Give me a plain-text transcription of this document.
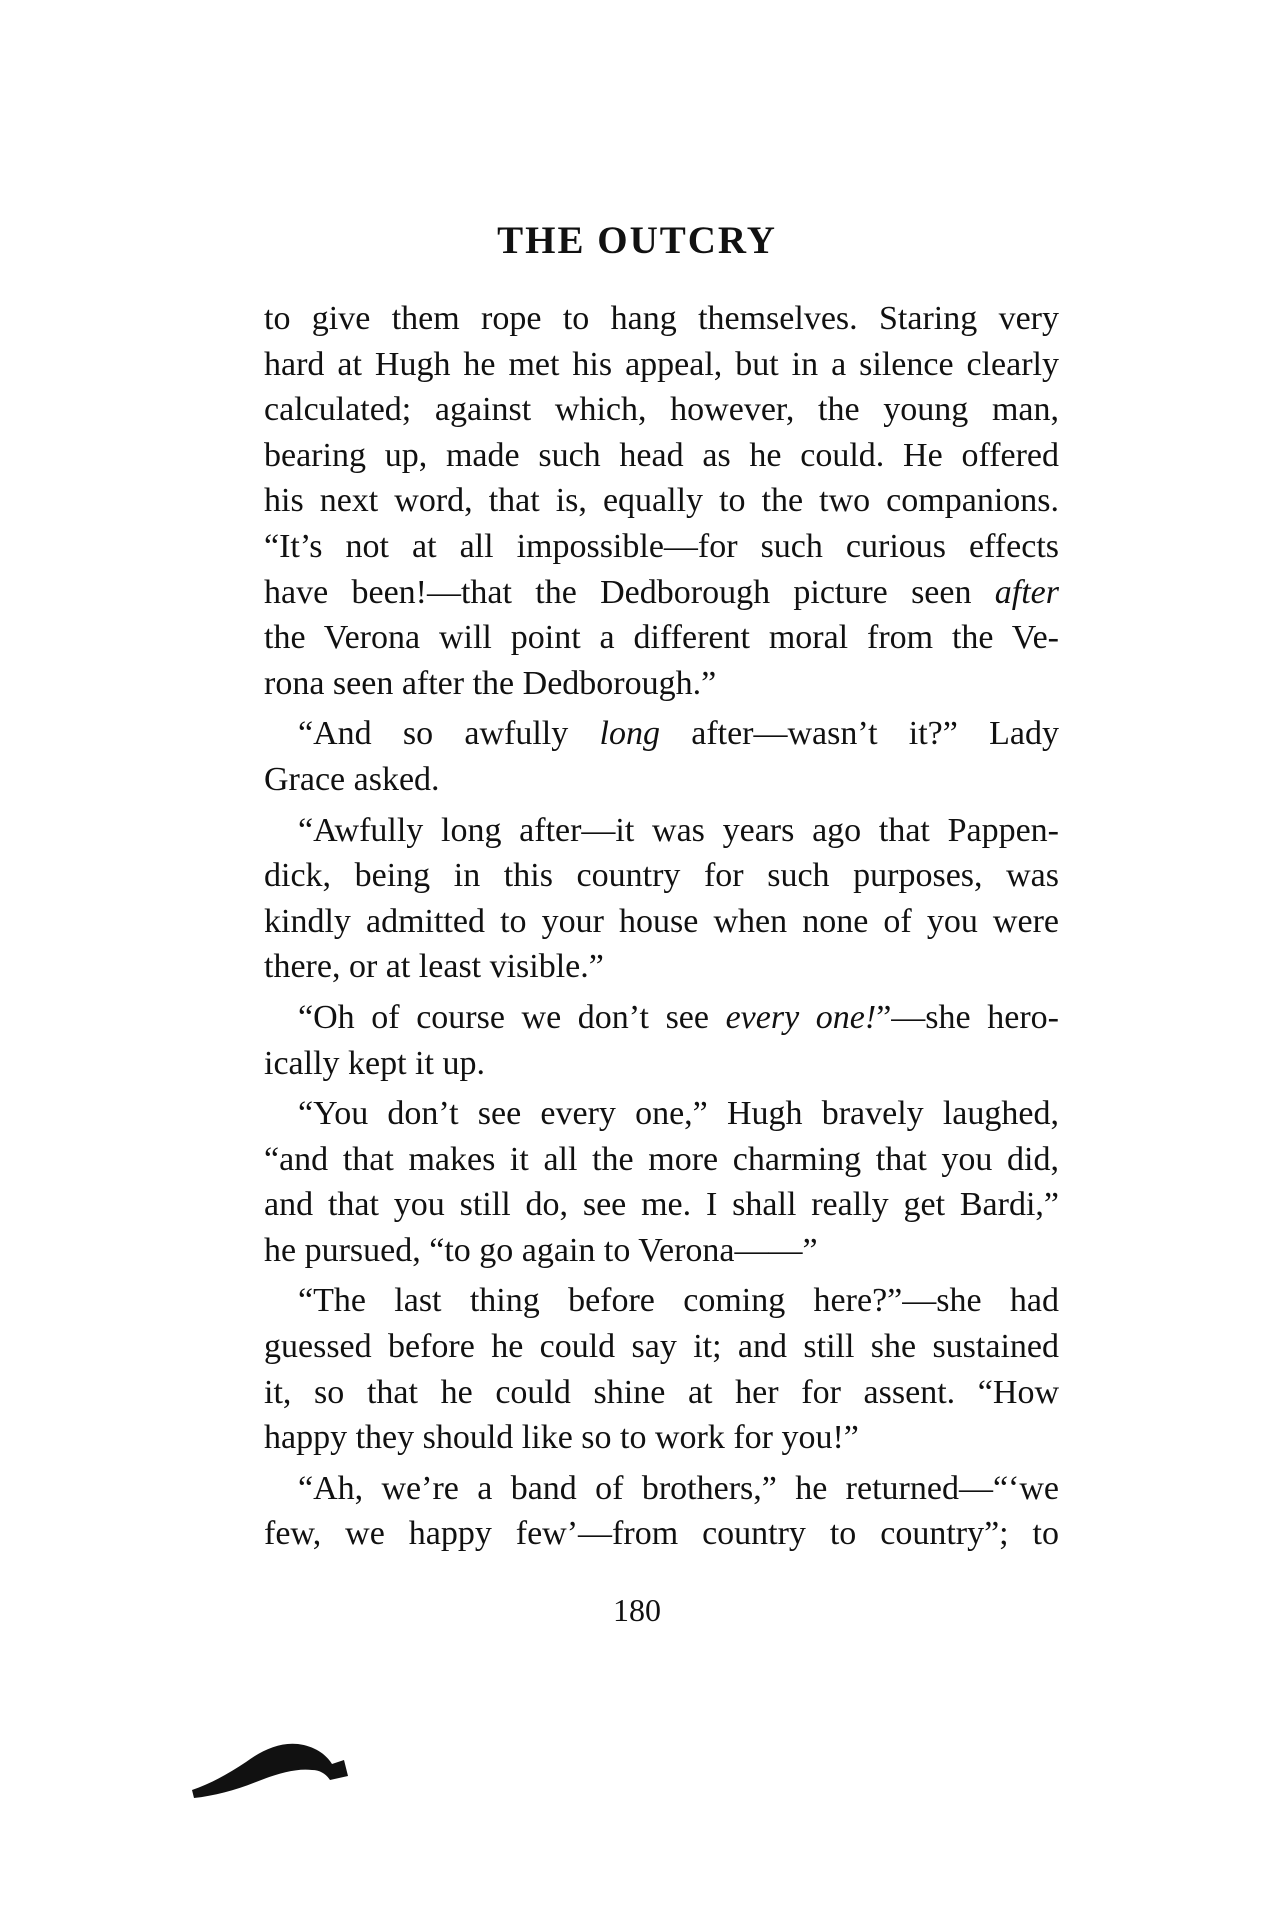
THE OUTCRY
to give them rope to hang themselves. Staring very
hard at Hugh he met his appeal, but in a silence clearly
calculated; against which, however, the young man,
bearing up, made such head as he could. He offered
his next word, that is, equally to the two companions.
“It’s not at all impossible—for such curious effects
have been!—that the Dedborough picture seen after
the Verona will point a different moral from the Ve-
rona seen after the Dedborough.”
“And so awfully long after—wasn’t it?” Lady
Grace asked.
“Awfully long after—it was years ago that Pappen-
dick, being in this country for such purposes, was
kindly admitted to your house when none of you were
there, or at least visible.”
“Oh of course we don’t see every one!”—she hero-
ically kept it up.
“You don’t see every one,” Hugh bravely laughed,
“and that makes it all the more charming that you did,
and that you still do, see me. I shall really get Bardi,”
he pursued, “to go again to Verona——”
“The last thing before coming here?”—she had
guessed before he could say it; and still she sustained
it, so that he could shine at her for assent. “How
happy they should like so to work for you!”
“Ah, we’re a band of brothers,” he returned—“‘we
few, we happy few’—from country to country”; to
180
